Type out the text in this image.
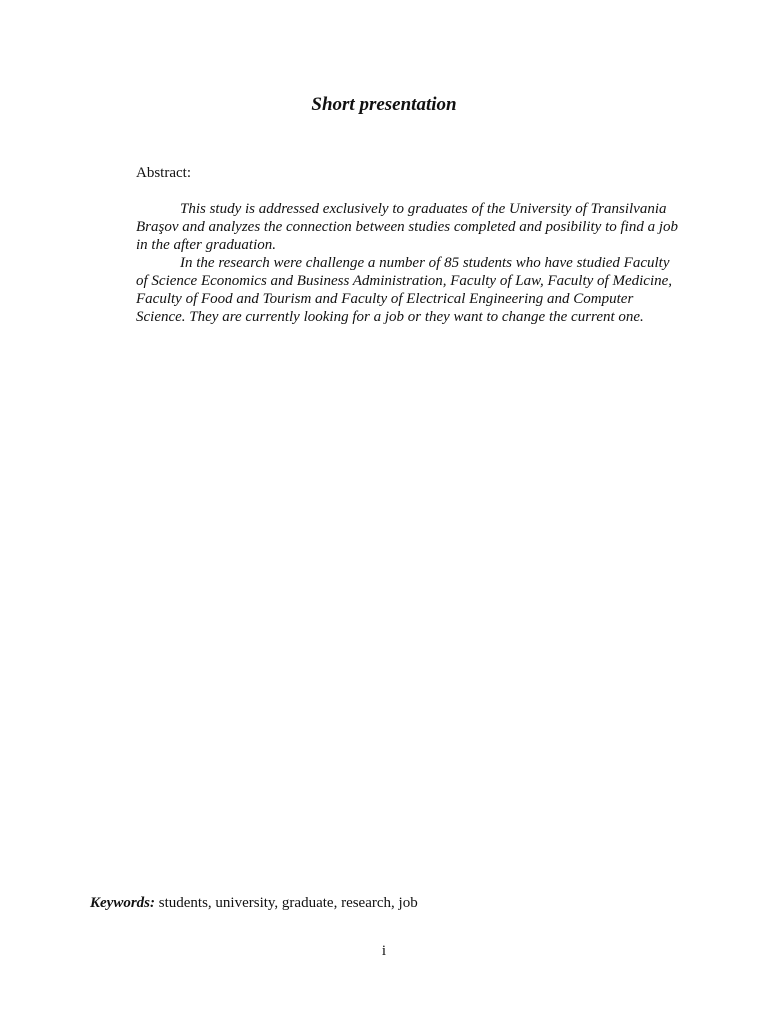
Short presentation
Abstract:

This study is addressed exclusively to graduates of the University of Transilvania Braşov and analyzes the connection between studies completed and posibility to find a job in the after graduation.

In the research were challenge a number of 85 students who have studied Faculty of Science Economics and Business Administration, Faculty of Law, Faculty of Medicine, Faculty of Food and Tourism and Faculty of Electrical Engineering and Computer Science. They are currently looking for a job or they want to change the current one.

Keywords: students, university, graduate, research, job
i
